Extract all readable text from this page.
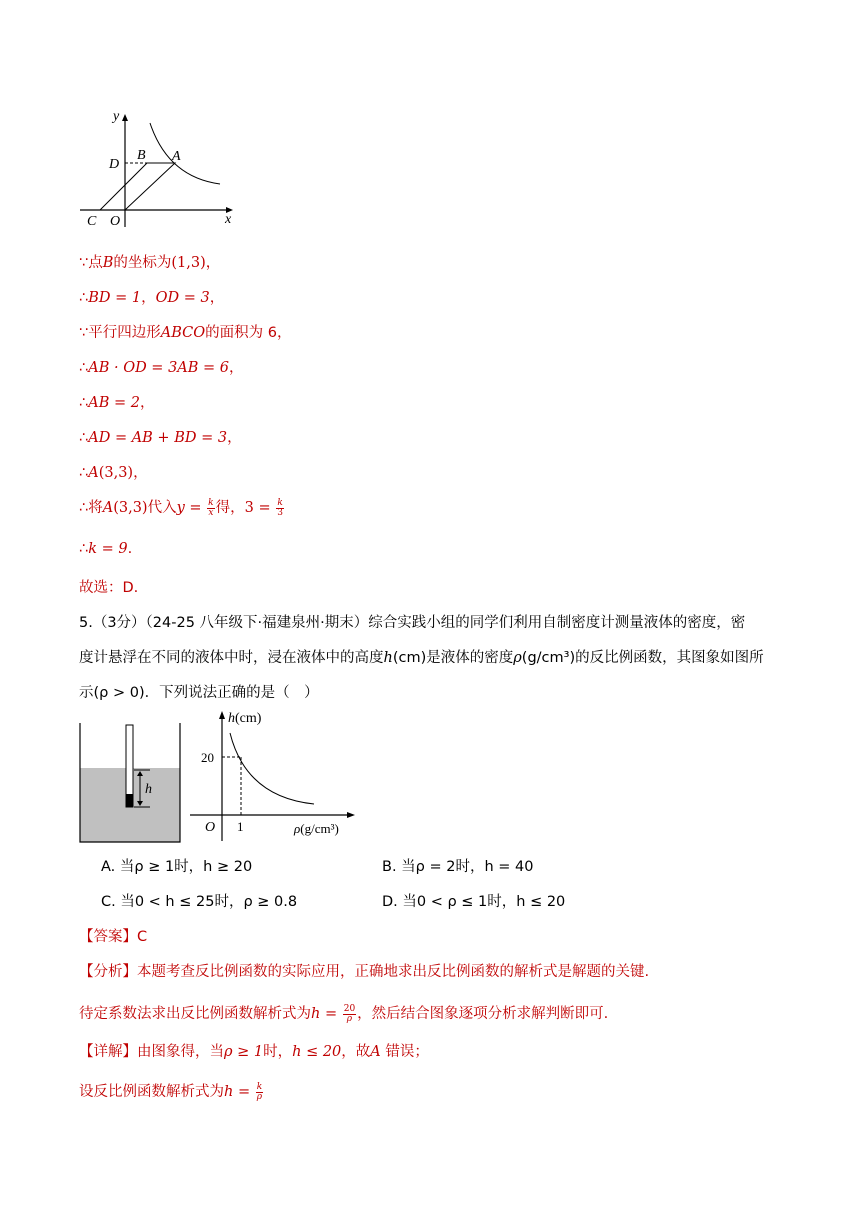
y
x
D
B A
C O
∵点B的坐标为(1,3)，
∴BD = 1，OD = 3，
∵平行四边形ABCO的面积为 6，
∴AB · OD = 3AB = 6，
∴AB = 2，
∴AD = AB + BD = 3，
∴A(3,3)，
∴将A(3,3)代入$y = \frac{k}{x}$ 得，$3 = \frac{k}{3}$
∴k = 9.
故选：D.
5.（3分）（24-25 八年级下·福建泉州·期末）综合实践小组的同学们利用自制密度计测量液体的密度，密
度计悬浮在不同的液体中时，浸在液体中的高度h(cm)是液体的密度ρ(g/cm³)的反比例函数，其图象如图所
示(ρ > 0)．下列说法正确的是（　）
h
h(cm)
20
O 1	ρ(g/cm³)
A. 当ρ ≥ 1时，h ≥ 20	B. 当ρ = 2时，h = 40
C. 当0 < h ≤ 25时，ρ ≥ 0.8	D. 当0 < ρ ≤ 1时，h ≤ 20
【答案】C
【分析】本题考查反比例函数的实际应用，正确地求出反比例函数的解析式是解题的关键.
待定系数法求出反比例函数解析式为$h = \frac{20}{\rho}$ ，然后结合图象逐项分析求解判断即可.
【详解】由图象得，当ρ ≥ 1时，h ≤ 20，故A 错误；
设反比例函数解析式为$h = \frac{k}{\rho}$
